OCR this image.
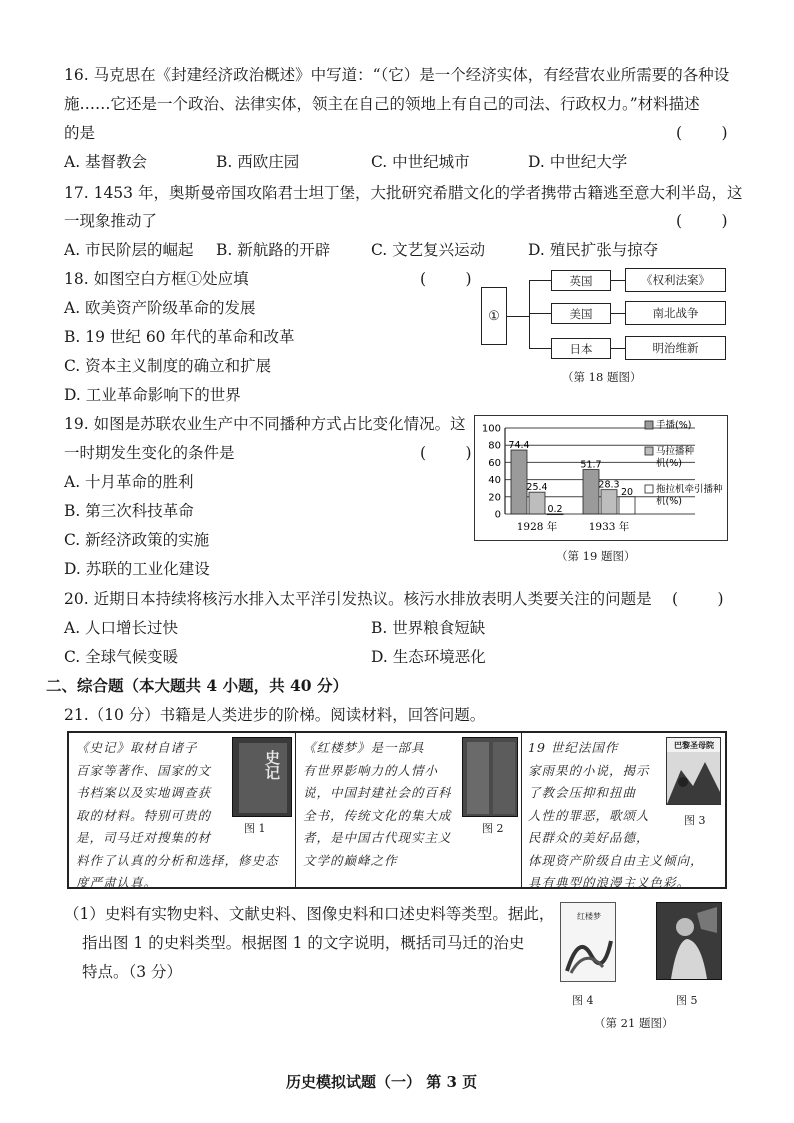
16. 马克思在《封建经济政治概述》中写道：“（它）是一个经济实体，有经营农业所需要的各种设
施……它还是一个政治、法律实体，领主在自己的领地上有自己的司法、行政权力。”材料描述
的是	(        )
A. 基督教会	B. 西欧庄园	C. 中世纪城市	D. 中世纪大学
17. 1453 年，奥斯曼帝国攻陷君士坦丁堡，大批研究希腊文化的学者携带古籍逃至意大利半岛，这
一现象推动了	(        )
A. 市民阶层的崛起 B. 新航路的开辟	C. 文艺复兴运动	D. 殖民扩张与掠夺
18. 如图空白方框①处应填	(        )
A. 欧美资产阶级革命的发展
B. 19 世纪 60 年代的革命和改革
C. 资本主义制度的确立和扩展
D. 工业革命影响下的世界
①
英国
美国
日本
《权利法案》
南北战争
明治维新
（第 18 题图）
19. 如图是苏联农业生产中不同播种方式占比变化情况。这
一时期发生变化的条件是	(        )
A. 十月革命的胜利
B. 第三次科技革命
C. 新经济政策的实施
D. 苏联的工业化建设
0
20
40
60
80
100
74.4
25.4
0.2
1928 年
51.7
28.3
20
1933 年
手播(%)
马拉播种
机(%)
拖拉机牵引播种
机(%)
（第 19 题图）
20. 近期日本持续将核污水排入太平洋引发热议。核污水排放表明人类要关注的问题是 (        )
A. 人口增长过快	B. 世界粮食短缺
C. 全球气候变暖	D. 生态环境恶化
二、综合题（本大题共 4 小题，共 40 分）
21.（10 分）书籍是人类进步的阶梯。阅读材料，回答问题。
《史记》取材自诸子
百家等著作、国家的文
书档案以及实地调查获
取的材料。特别可贵的
是，司马迁对搜集的材
料作了认真的分析和选择，修史态
度严肃认真。
史记
图 1
《红楼梦》是一部具
有世界影响力的人情小
说，中国封建社会的百科
全书，传统文化的集大成
者，是中国古代现实主义
文学的巅峰之作
图 2
19 世纪法国作
家雨果的小说，揭示
了教会压抑和扭曲
人性的罪恶，歌颂人
民群众的美好品德，
体现资产阶级自由主义倾向，
具有典型的浪漫主义色彩。
巴黎圣母院
图 3
（1）史料有实物史料、文献史料、图像史料和口述史料等类型。据此，
指出图 1 的史料类型。根据图 1 的文字说明，概括司马迁的治史
特点。（3 分）
红楼梦
图 4	图 5
（第 21 题图）
历史模拟试题（一） 第 3 页
